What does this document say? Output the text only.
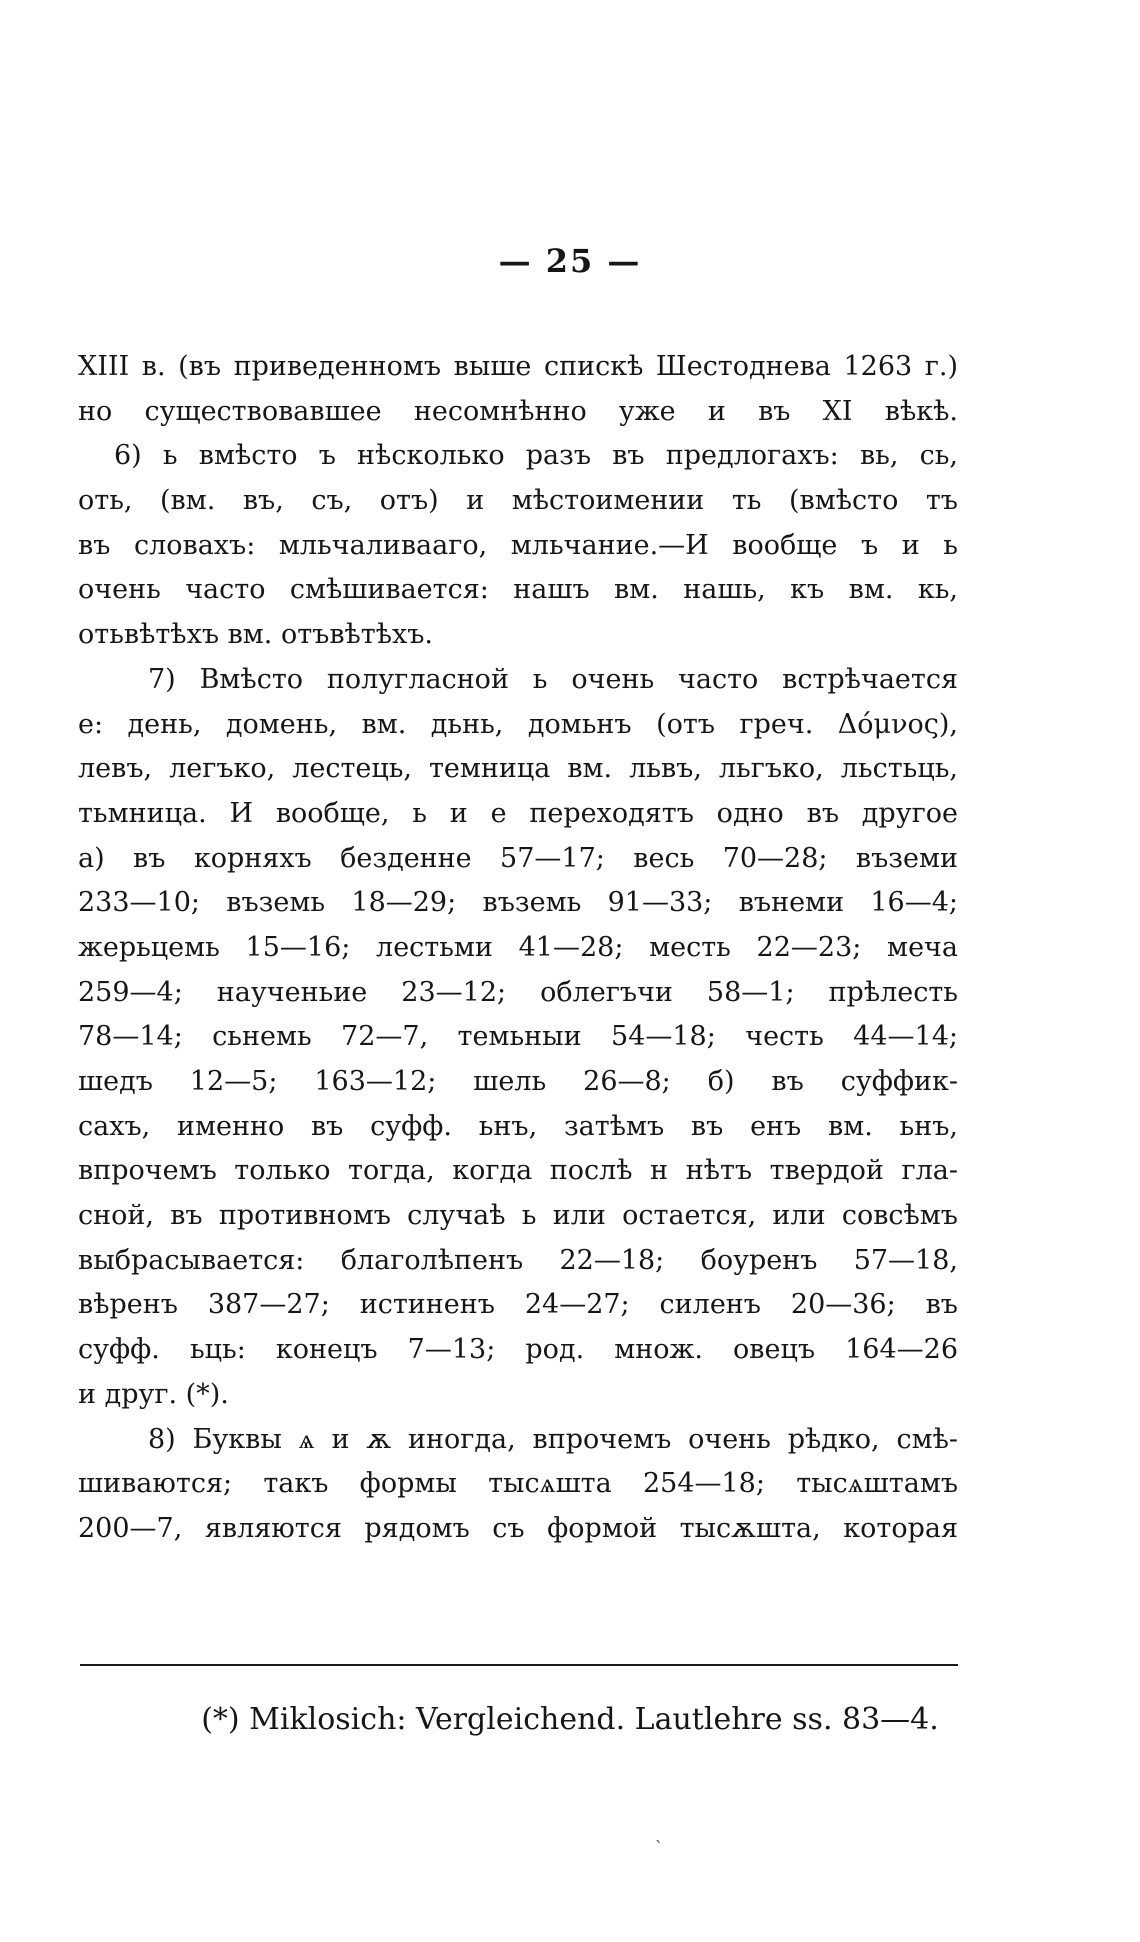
— 25 —
XIII в. (въ приведенномъ выше спискѣ Шестоднева 1263 г.)
но существовавшее несомнѣнно уже и въ XI вѣкѣ.
6) ь вмѣсто ъ нѣсколько разъ въ предлогахъ: вь, сь,
оть, (вм. въ, съ, отъ) и мѣстоимении ть (вмѣсто тъ
въ словахъ: мльчаливааго, мльчание.—И вообще ъ и ь
очень часто смѣшивается: нашъ вм. нашь, къ вм. кь,
отьвѣтѣхъ вм. отъвѣтѣхъ.
7) Вмѣсто полугласной ь очень часто встрѣчается
е: день, домень, вм. дьнь, домьнъ (отъ греч. Δόμνος),
левъ, легъко, лестець, темница вм. львъ, льгъко, льстьць,
тьмница. И вообще, ь и е переходятъ одно въ другое
а) въ корняхъ безденне 57—17; весь 70—28; въземи
233—10; въземь 18—29; въземь 91—33; вънеми 16—4;
жерьцемь 15—16; лестьми 41—28; месть 22—23; меча
259—4; наученьие 23—12; облегъчи 58—1; прѣлесть
78—14; сьнемь 72—7, темьныи 54—18; честь 44—14;
шедъ 12—5; 163—12; шель 26—8; б) въ суффик-
сахъ, именно въ суфф. ьнъ, затѣмъ въ енъ вм. ьнъ,
впрочемъ только тогда, когда послѣ н нѣтъ твердой гла-
сной, въ противномъ случаѣ ь или остается, или совсѣмъ
выбрасывается: благолѣпенъ 22—18; боуренъ 57—18,
вѣренъ 387—27; истиненъ 24—27; силенъ 20—36; въ
суфф. ьць: конецъ 7—13; род. множ. овецъ 164—26
и друг. (*).
8) Буквы ѧ и ѫ иногда, впрочемъ очень рѣдко, смѣ-
шиваются; такъ формы тысѧшта 254—18; тысѧштамъ
200—7, являются рядомъ съ формой тысѫшта, которая
(*) Miklosich: Vergleichend. Lautlehre ss. 83—4.
`
